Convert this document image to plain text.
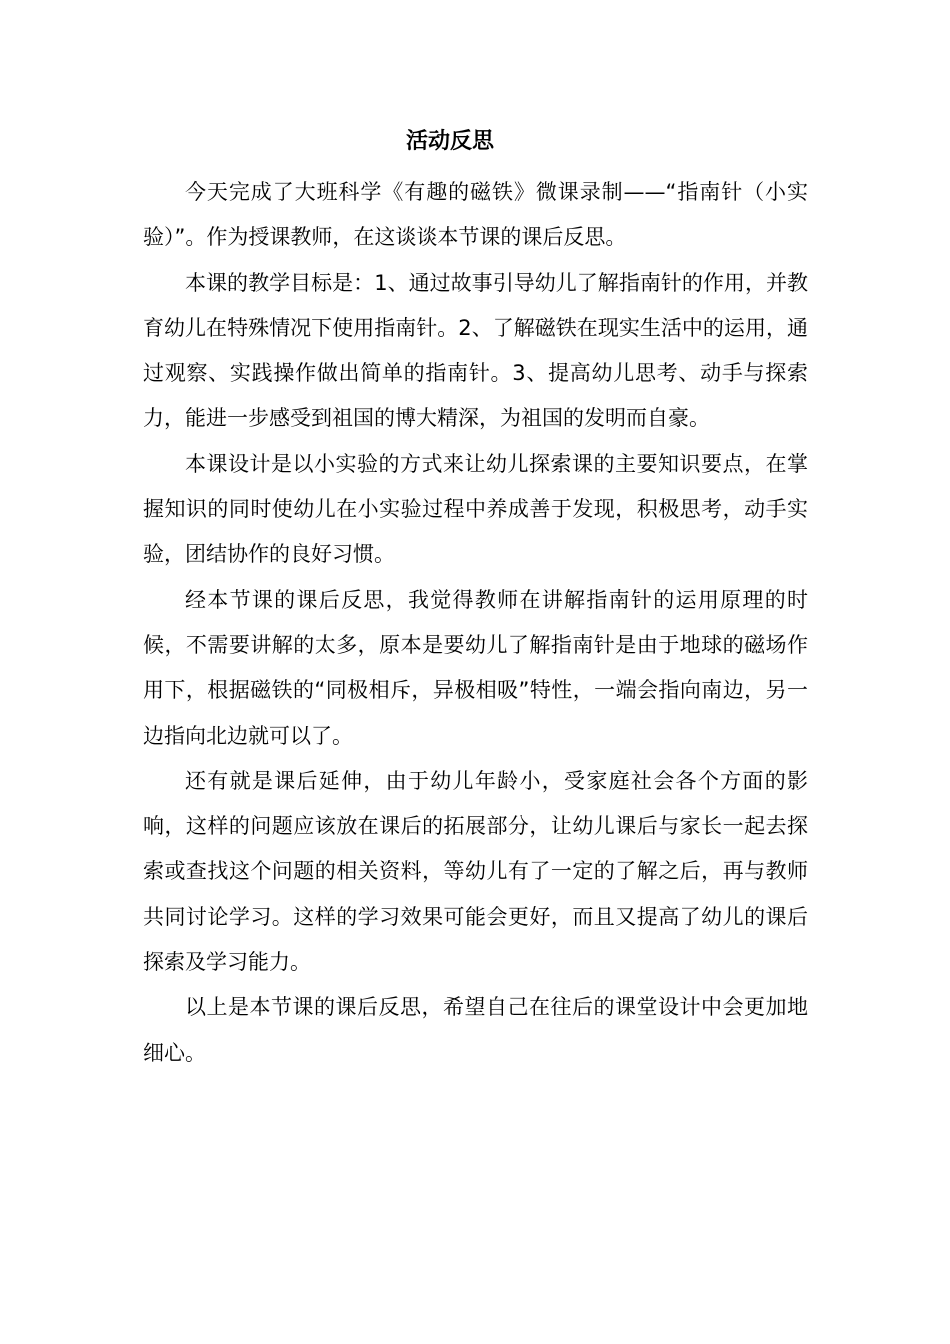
活动反思

今天完成了大班科学《有趣的磁铁》微课录制——“指南针（小实验）”。作为授课教师，在这谈谈本节课的课后反思。

本课的教学目标是：1、通过故事引导幼儿了解指南针的作用，并教育幼儿在特殊情况下使用指南针。2、了解磁铁在现实生活中的运用，通过观察、实践操作做出简单的指南针。3、提高幼儿思考、动手与探索力，能进一步感受到祖国的博大精深，为祖国的发明而自豪。

本课设计是以小实验的方式来让幼儿探索课的主要知识要点，在掌握知识的同时使幼儿在小实验过程中养成善于发现，积极思考，动手实验，团结协作的良好习惯。

经本节课的课后反思，我觉得教师在讲解指南针的运用原理的时候，不需要讲解的太多，原本是要幼儿了解指南针是由于地球的磁场作用下，根据磁铁的“同极相斥，异极相吸”特性，一端会指向南边，另一边指向北边就可以了。

还有就是课后延伸，由于幼儿年龄小，受家庭社会各个方面的影响，这样的问题应该放在课后的拓展部分，让幼儿课后与家长一起去探索或查找这个问题的相关资料，等幼儿有了一定的了解之后，再与教师共同讨论学习。这样的学习效果可能会更好，而且又提高了幼儿的课后探索及学习能力。

以上是本节课的课后反思，希望自己在往后的课堂设计中会更加地细心。
